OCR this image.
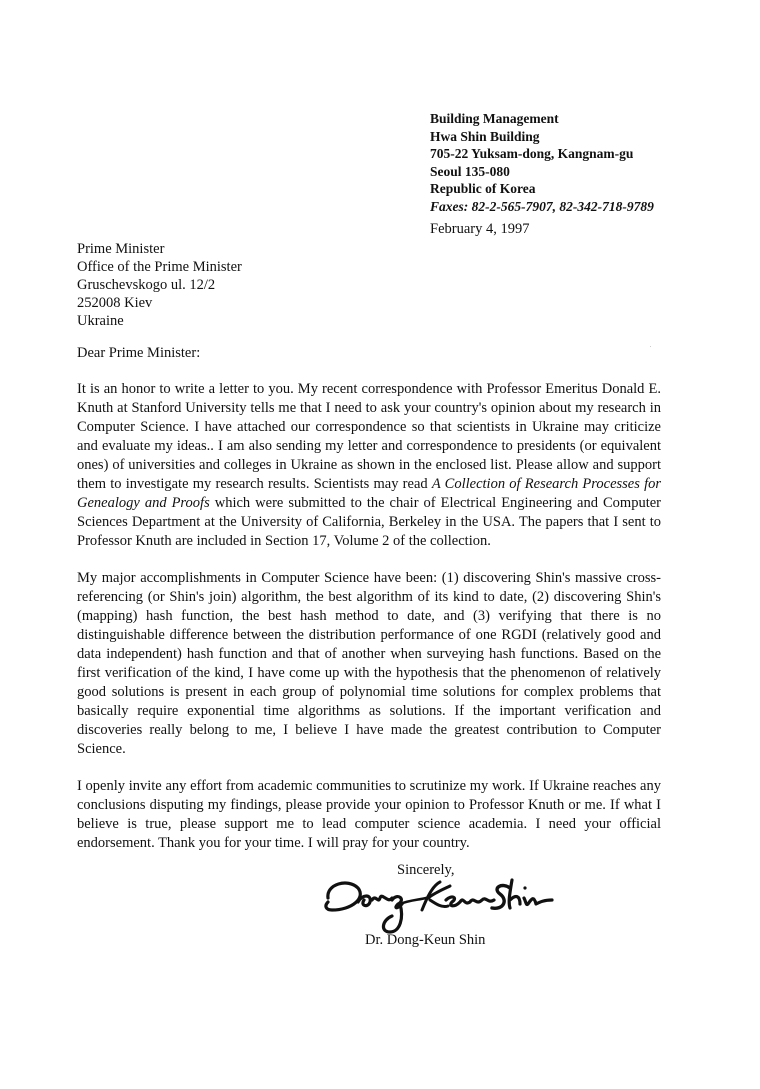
Building Management
Hwa Shin Building
705-22 Yuksam-dong, Kangnam-gu
Seoul 135-080
Republic of Korea
Faxes: 82-2-565-7907, 82-342-718-9789
February 4, 1997
Prime Minister
Office of the Prime Minister
Gruschevskogo ul. 12/2
252008 Kiev
Ukraine
Dear Prime Minister:

It is an honor to write a letter to you. My recent correspondence with Professor Emeritus Donald E. Knuth at Stanford University tells me that I need to ask your country's opinion about my research in Computer Science. I have attached our correspondence so that scientists in Ukraine may criticize and evaluate my ideas.. I am also sending my letter and correspondence to presidents (or equivalent ones) of universities and colleges in Ukraine as shown in the enclosed list. Please allow and support them to investigate my research results. Scientists may read A Collection of Research Processes for Genealogy and Proofs which were submitted to the chair of Electrical Engineering and Computer Sciences Department at the University of California, Berkeley in the USA. The papers that I sent to Professor Knuth are included in Section 17, Volume 2 of the collection.

My major accomplishments in Computer Science have been: (1) discovering Shin's massive cross-referencing (or Shin's join) algorithm, the best algorithm of its kind to date, (2) discovering Shin's (mapping) hash function, the best hash method to date, and (3) verifying that there is no distinguishable difference between the distribution performance of one RGDI (relatively good and data independent) hash function and that of another when surveying hash functions. Based on the first verification of the kind, I have come up with the hypothesis that the phenomenon of relatively good solutions is present in each group of polynomial time solutions for complex problems that basically require exponential time algorithms as solutions. If the important verification and discoveries really belong to me, I believe I have made the greatest contribution to Computer Science.

I openly invite any effort from academic communities to scrutinize my work. If Ukraine reaches any conclusions disputing my findings, please provide your opinion to Professor Knuth or me. If what I believe is true, please support me to lead computer science academia. I need your official endorsement. Thank you for your time. I will pray for your country.

Sincerely,
Dr. Dong-Keun Shin
